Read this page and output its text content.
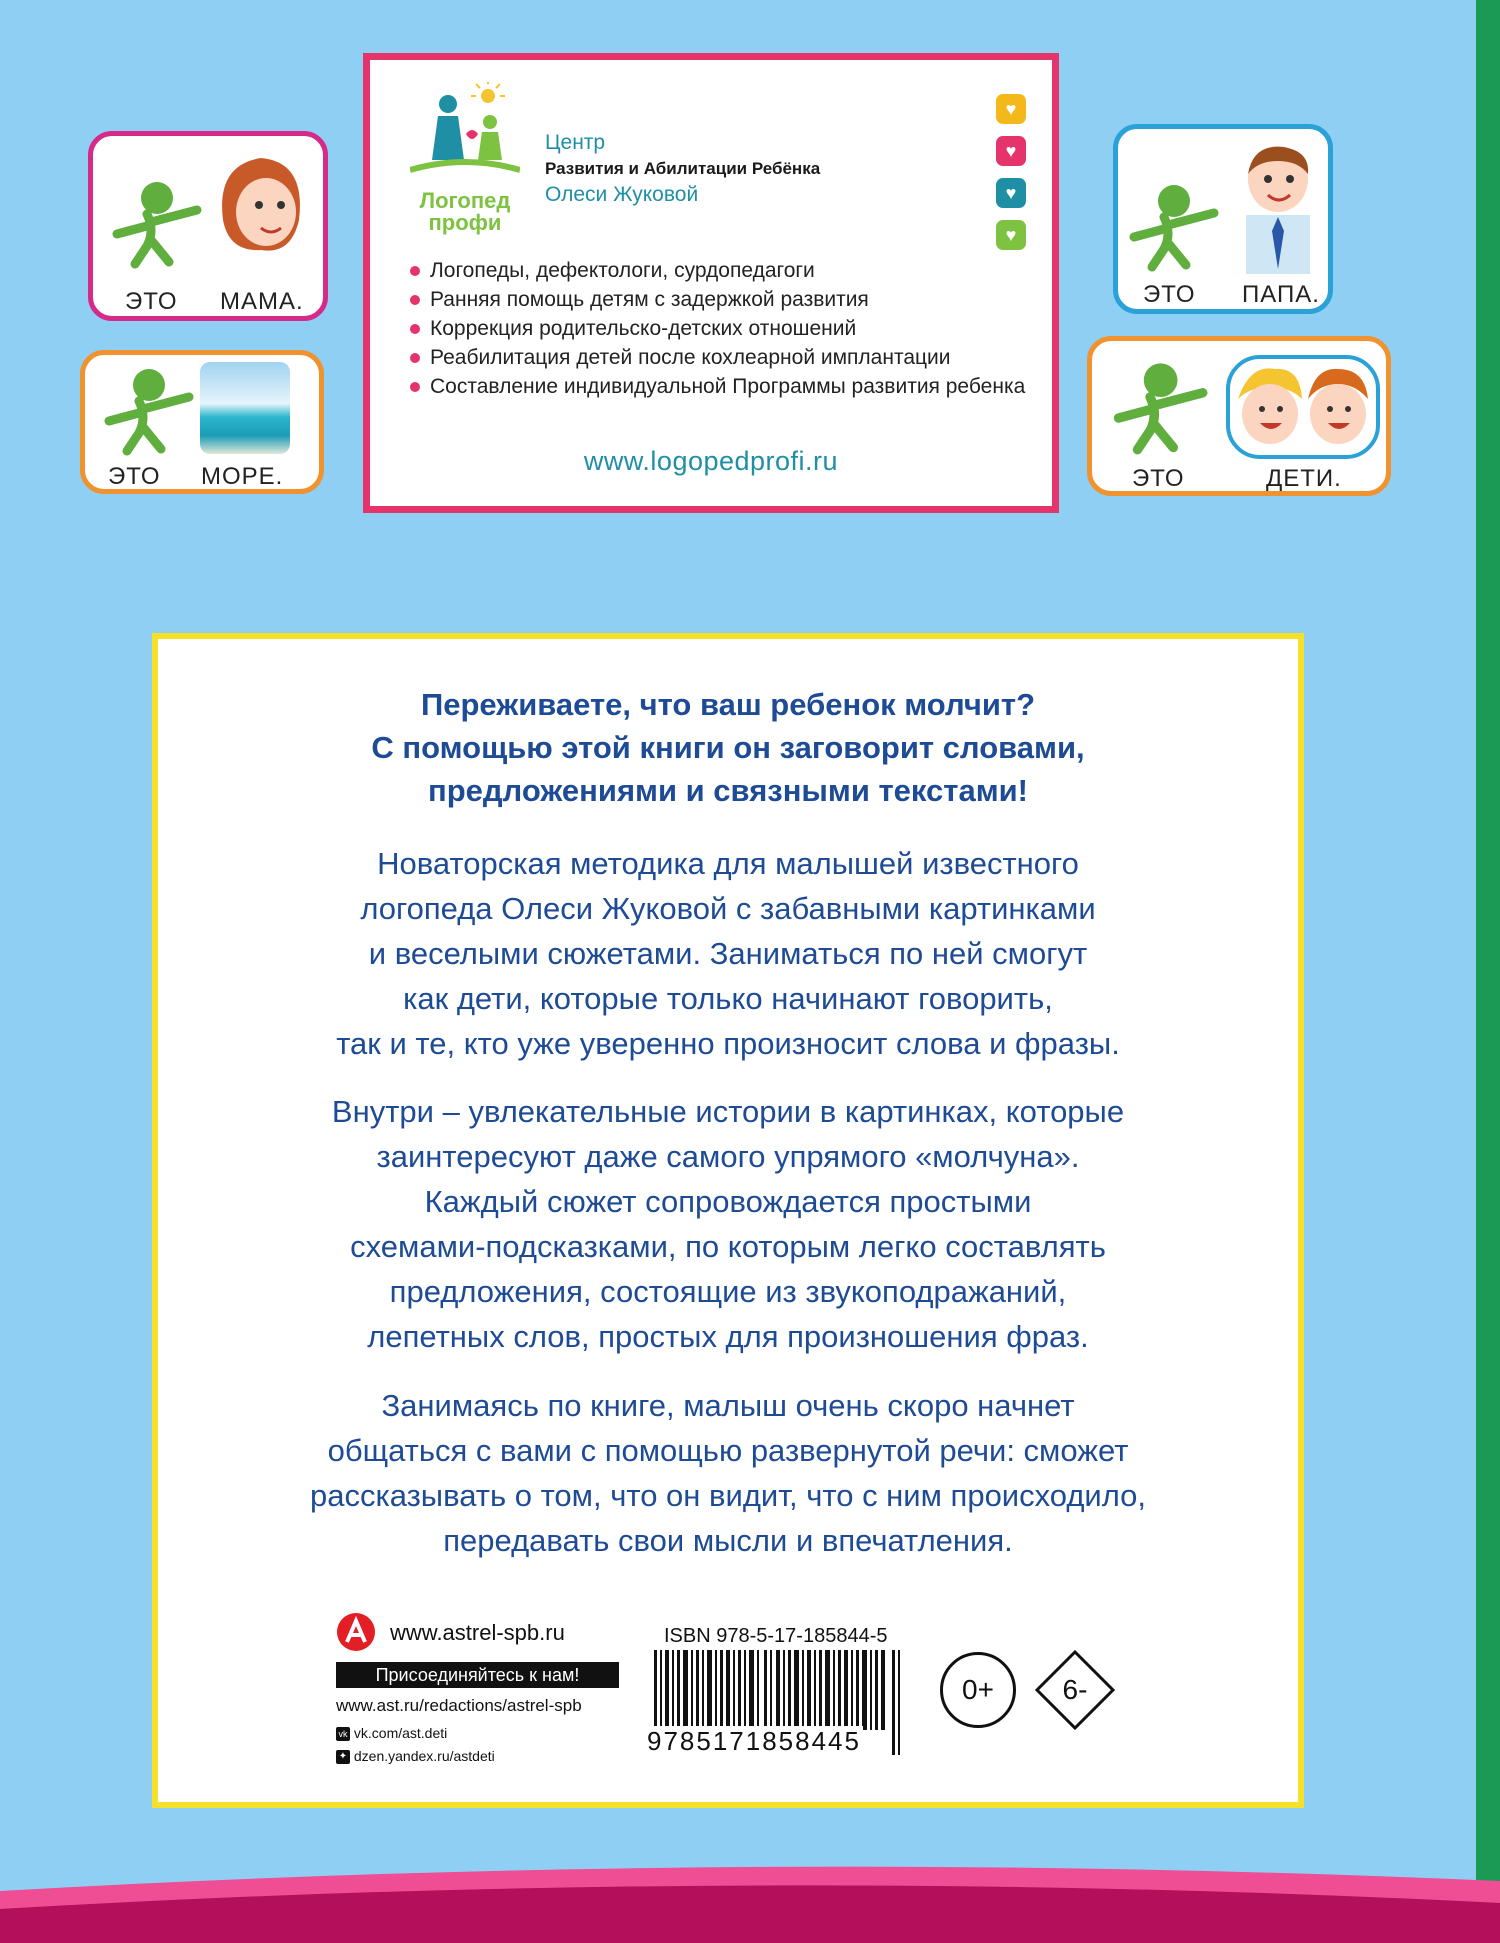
ЭТО МАМА.
ЭТО МОРЕ.
ЭТО ПАПА.
ЭТО	ДЕТИ.
Логопед
профи
Центр
Развития и Абилитации Ребёнка
Олеси Жуковой
♥
♥
♥
♥
Логопеды, дефектологи, сурдопедагоги
Ранняя помощь детям с задержкой развития
Коррекция родительско-детских отношений
Реабилитация детей после кохлеарной имплантации
Составление индивидуальной Программы развития ребенка
www.logopedprofi.ru
Переживаете, что ваш ребенок молчит?
С помощью этой книги он заговорит словами,
предложениями и связными текстами!
Новаторская методика для малышей известного
логопеда Олеси Жуковой с забавными картинками
и веселыми сюжетами. Заниматься по ней смогут
как дети, которые только начинают говорить,
так и те, кто уже уверенно произносит слова и фразы.
Внутри – увлекательные истории в картинках, которые
заинтересуют даже самого упрямого «молчуна».
Каждый сюжет сопровождается простыми
схемами-подсказками, по которым легко составлять
предложения, состоящие из звукоподражаний,
лепетных слов, простых для произношения фраз.
Занимаясь по книге, малыш очень скоро начнет
общаться с вами с помощью развернутой речи: сможет
рассказывать о том, что он видит, что с ним происходило,
передавать свои мысли и впечатления.
www.astrel-spb.ru
Присоединяйтесь к нам!
www.ast.ru/redactions/astrel-spb
vk vk.com/ast.deti
✦ dzen.yandex.ru/astdeti
ISBN 978-5-17-185844-5
9785171858445
0+	6-
